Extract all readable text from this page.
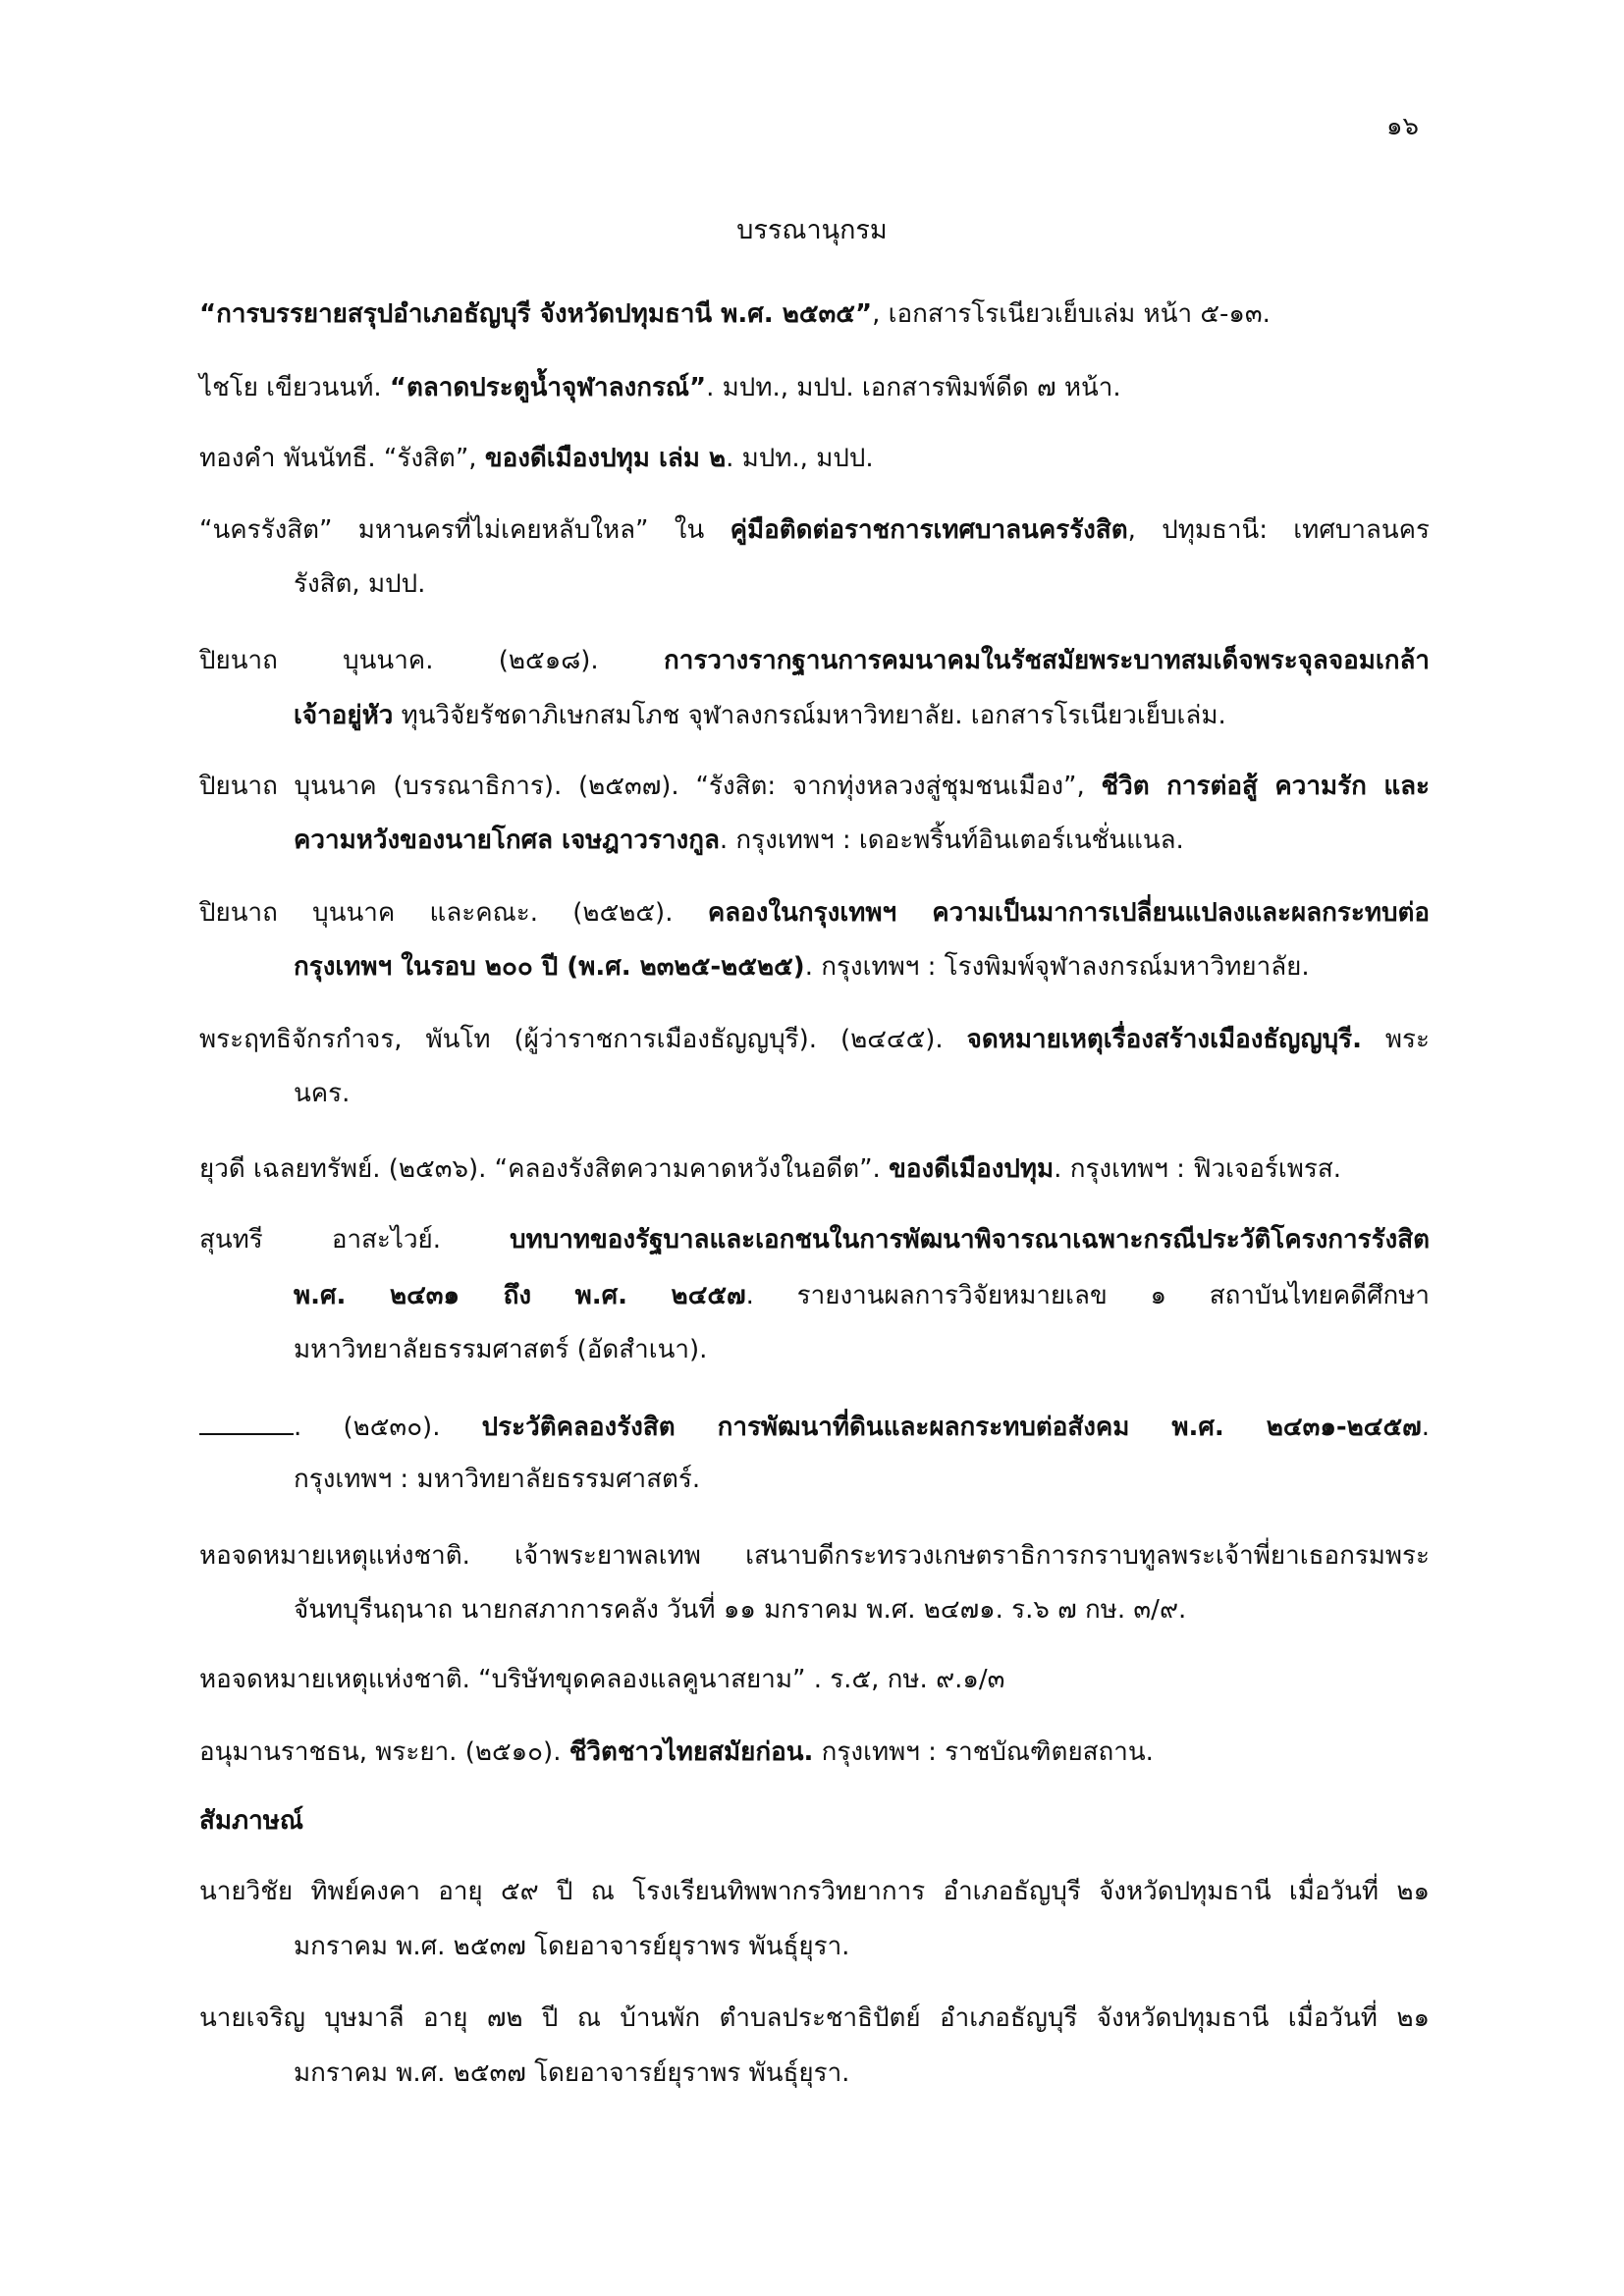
๑๖
บรรณานุกรม
“การบรรยายสรุปอำเภอธัญบุรี จังหวัดปทุมธานี พ.ศ. ๒๕๓๕”, เอกสารโรเนียวเย็บเล่ม หน้า ๕-๑๓.
ไชโย เขียวนนท์. “ตลาดประตูน้ำจุฬาลงกรณ์”. มปท., มปป. เอกสารพิมพ์ดีด ๗ หน้า.
ทองคำ พันนัทธี. “รังสิต”, ของดีเมืองปทุม เล่ม ๒. มปท., มปป.
“นครรังสิต” มหานครที่ไม่เคยหลับใหล” ใน คู่มือติดต่อราชการเทศบาลนครรังสิต, ปทุมธานี: เทศบาลนคร
รังสิต, มปป.
ปิยนาถ บุนนาค. (๒๕๑๘). การวางรากฐานการคมนาคมในรัชสมัยพระบาทสมเด็จพระจุลจอมเกล้า
เจ้าอยู่หัว ทุนวิจัยรัชดาภิเษกสมโภช จุฬาลงกรณ์มหาวิทยาลัย. เอกสารโรเนียวเย็บเล่ม.
ปิยนาถ บุนนาค (บรรณาธิการ). (๒๕๓๗). “รังสิต: จากทุ่งหลวงสู่ชุมชนเมือง”, ชีวิต การต่อสู้ ความรัก และ
ความหวังของนายโกศล เจษฎาวรางกูล. กรุงเทพฯ : เดอะพริ้นท์อินเตอร์เนชั่นแนล.
ปิยนาถ บุนนาค และคณะ. (๒๕๒๕). คลองในกรุงเทพฯ ความเป็นมาการเปลี่ยนแปลงและผลกระทบต่อ
กรุงเทพฯ ในรอบ ๒๐๐ ปี (พ.ศ. ๒๓๒๕-๒๕๒๕). กรุงเทพฯ : โรงพิมพ์จุฬาลงกรณ์มหาวิทยาลัย.
พระฤทธิจักรกำจร, พันโท (ผู้ว่าราชการเมืองธัญญบุรี). (๒๔๔๕). จดหมายเหตุเรื่องสร้างเมืองธัญญบุรี. พระ
นคร.
ยุวดี เฉลยทรัพย์. (๒๕๓๖). “คลองรังสิตความคาดหวังในอดีต”. ของดีเมืองปทุม. กรุงเทพฯ : ฟิวเจอร์เพรส.
สุนทรี อาสะไวย์. บทบาทของรัฐบาลและเอกชนในการพัฒนาพิจารณาเฉพาะกรณีประวัติโครงการรังสิต
พ.ศ. ๒๔๓๑ ถึง พ.ศ. ๒๔๕๗. รายงานผลการวิจัยหมายเลข ๑ สถาบันไทยคดีศึกษา
มหาวิทยาลัยธรรมศาสตร์ (อัดสำเนา).
. (๒๕๓๐). ประวัติคลองรังสิต การพัฒนาที่ดินและผลกระทบต่อสังคม พ.ศ. ๒๔๓๑-๒๔๕๗.
กรุงเทพฯ : มหาวิทยาลัยธรรมศาสตร์.
หอจดหมายเหตุแห่งชาติ. เจ้าพระยาพลเทพ เสนาบดีกระทรวงเกษตราธิการกราบทูลพระเจ้าพี่ยาเธอกรมพระ
จันทบุรีนฤนาถ นายกสภาการคลัง วันที่ ๑๑ มกราคม พ.ศ. ๒๔๗๑. ร.๖ ๗ กษ. ๓/๙.
หอจดหมายเหตุแห่งชาติ. “บริษัทขุดคลองแลคูนาสยาม” . ร.๕, กษ. ๙.๑/๓
อนุมานราชธน, พระยา. (๒๕๑๐). ชีวิตชาวไทยสมัยก่อน. กรุงเทพฯ : ราชบัณฑิตยสถาน.
สัมภาษณ์
นายวิชัย ทิพย์คงคา อายุ ๕๙ ปี ณ โรงเรียนทิพพากรวิทยาการ อำเภอธัญบุรี จังหวัดปทุมธานี เมื่อวันที่ ๒๑
มกราคม พ.ศ. ๒๕๓๗ โดยอาจารย์ยุราพร พันธุ์ยุรา.
นายเจริญ บุษมาลี อายุ ๗๒ ปี ณ บ้านพัก ตำบลประชาธิปัตย์ อำเภอธัญบุรี จังหวัดปทุมธานี เมื่อวันที่ ๒๑
มกราคม พ.ศ. ๒๕๓๗ โดยอาจารย์ยุราพร พันธุ์ยุรา.
